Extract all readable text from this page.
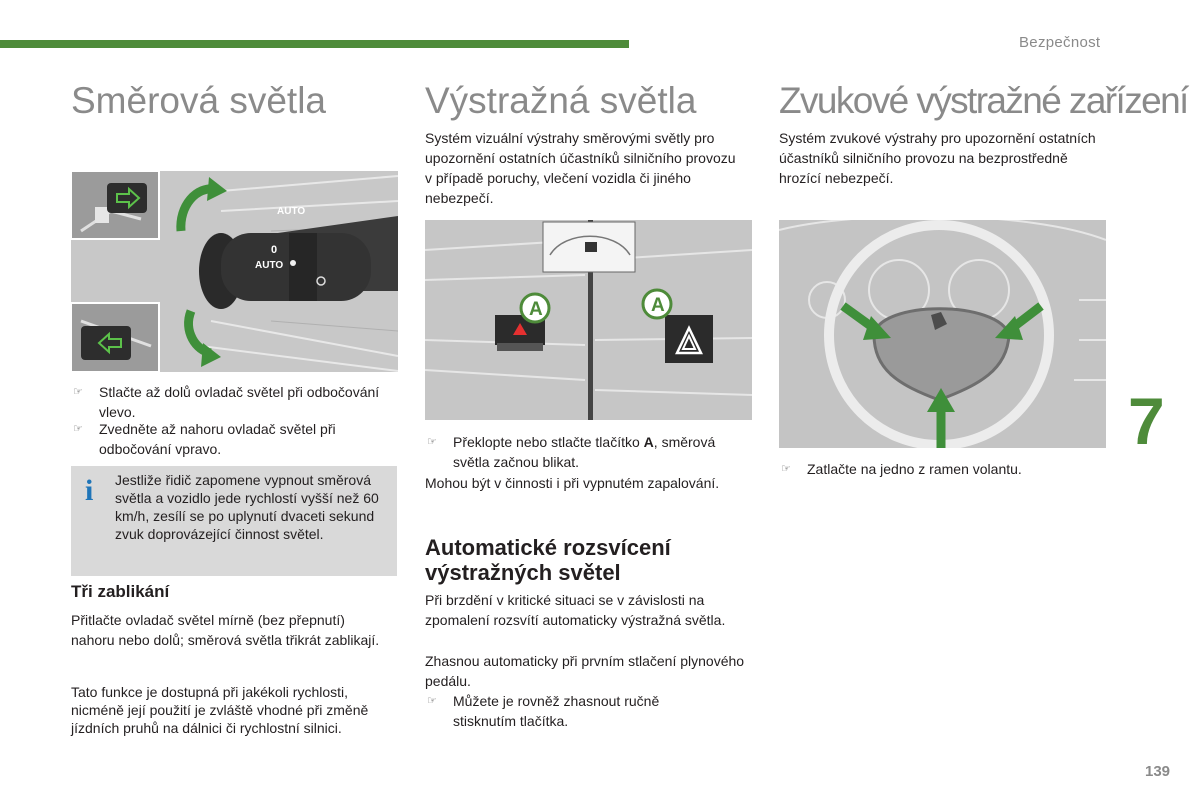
Bezpečnost
Směrová světla
AUTO
0
AUTO
☞ Stlačte až dolů ovladač světel při odbočování vlevo.
☞ Zvedněte až nahoru ovladač světel při odbočování vpravo.
i Jestliže řidič zapomene vypnout směrová světla a vozidlo jede rychlostí vyšší než 60 km/h, zesílí se po uplynutí dvaceti sekund zvuk doprovázející činnost světel.

Tři zablikání

Přitlačte ovladač světel mírně (bez přepnutí) nahoru nebo dolů; směrová světla třikrát zablikají.

Tato funkce je dostupná při jakékoli rychlosti, nicméně její použití je zvláště vhodné při změně jízdních pruhů na dálnici či rychlostní silnici.

Výstražná světla

Systém vizuální výstrahy směrovými světly pro upozornění ostatních účastníků silničního provozu v případě poruchy, vlečení vozidla či jiného nebezpečí.

A	A
☞ Překlopte nebo stlačte tlačítko A, směrová světla začnou blikat.

Mohou být v činnosti i při vypnutém zapalování.

Automatické rozsvícení výstražných světel

Při brzdění v kritické situaci se v závislosti na zpomalení rozsvítí automaticky výstražná světla.

Zhasnou automaticky při prvním stlačení plynového pedálu.

☞ Můžete je rovněž zhasnout ručně stisknutím tlačítka.
Zvukové výstražné zařízení

Systém zvukové výstrahy pro upozornění ostatních účastníků silničního provozu na bezprostředně hrozící nebezpečí.

☞ Zatlačte na jedno z ramen volantu.
7
139
